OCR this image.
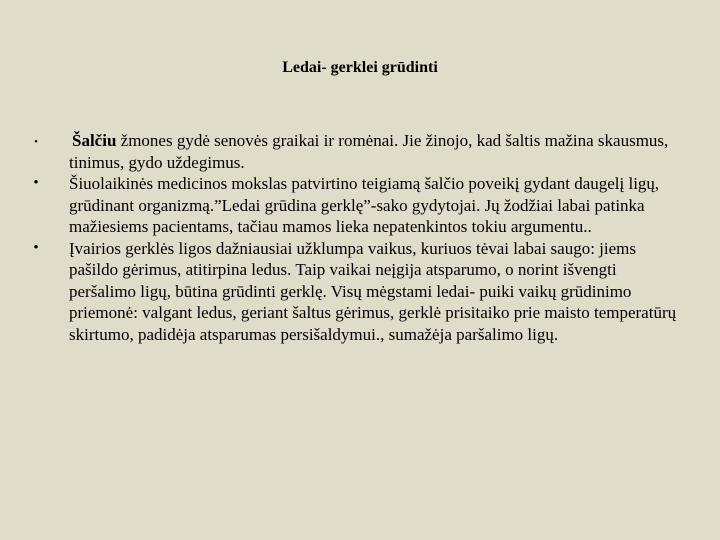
Ledai- gerklei grūdinti
• Šalčiu žmones gydė senovės graikai ir romėnai. Jie žinojo, kad šaltis mažina skausmus, tinimus, gydo uždegimus.
• Šiuolaikinės medicinos mokslas patvirtino teigiamą šalčio poveikį gydant daugelį ligų, grūdinant organizmą.”Ledai grūdina gerklę”-sako gydytojai. Jų žodžiai labai patinka mažiesiems pacientams, tačiau mamos lieka nepatenkintos tokiu argumentu..
• Įvairios gerklės ligos dažniausiai užklumpa vaikus, kuriuos tėvai labai saugo: jiems pašildo gėrimus, atitirpina ledus. Taip vaikai neįgija atsparumo, o norint išvengti peršalimo ligų, būtina grūdinti gerklę. Visų mėgstami ledai- puiki vaikų grūdinimo priemonė: valgant ledus, geriant šaltus gėrimus, gerklė prisitaiko prie maisto temperatūrų skirtumo, padidėja atsparumas persišaldymui., sumažėja paršalimo ligų.
